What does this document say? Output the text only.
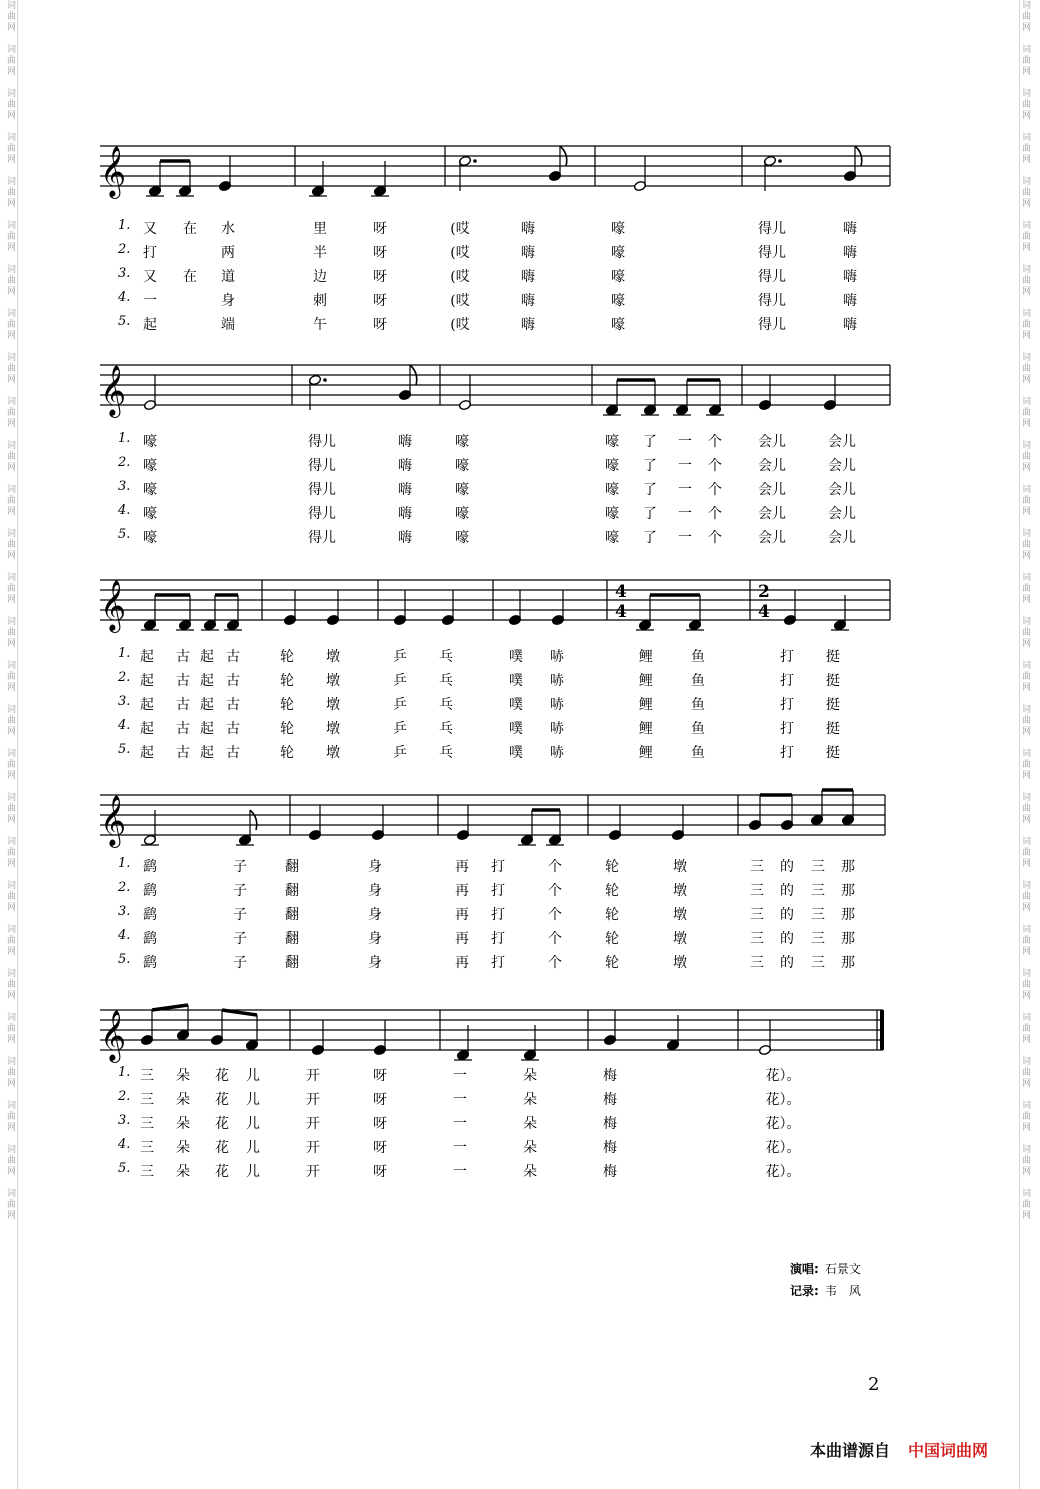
词曲网　词曲网　词曲网　词曲网　词曲网　词曲网　词曲网　词曲网　词曲网　词曲网　词曲网　词曲网　词曲网　词曲网　词曲网　词曲网　词曲网　词曲网　词曲网　词曲网　词曲网　词曲网　词曲网　词曲网　词曲网　词曲网　词曲网　词曲网	词曲网　词曲网　词曲网　词曲网　词曲网　词曲网　词曲网　词曲网　词曲网　词曲网　词曲网　词曲网　词曲网　词曲网　词曲网　词曲网　词曲网　词曲网　词曲网　词曲网　词曲网　词曲网　词曲网　词曲网　词曲网　词曲网　词曲网　词曲网
𝄞
1. 又 在 水	里	呀	(哎	嗨	嚎	得儿	嗨
2. 打	两	半	呀	(哎	嗨	嚎	得儿	嗨
3. 又 在 道	边	呀	(哎	嗨	嚎	得儿	嗨
4. 一	身	刺	呀	(哎	嗨	嚎	得儿	嗨
5. 起	端	午	呀	(哎	嗨	嚎	得儿	嗨
𝄞
1. 嚎	得儿	嗨	嚎	嚎 了 一 个	会儿	会儿
2. 嚎	得儿	嗨	嚎	嚎 了 一 个	会儿	会儿
3. 嚎	得儿	嗨	嚎	嚎 了 一 个	会儿	会儿
4. 嚎	得儿	嗨	嚎	嚎 了 一 个	会儿	会儿
5. 嚎	得儿	嗨	嚎	嚎 了 一 个	会儿	会儿
𝄞	4
4
2
4
1. 起 古 起 古	轮 墩	乒 乓	噗 哧	鲤	鱼	打 挺
2. 起 古 起 古	轮 墩	乒 乓	噗 哧	鲤	鱼	打 挺
3. 起 古 起 古	轮 墩	乒 乓	噗 哧	鲤	鱼	打 挺
4. 起 古 起 古	轮 墩	乒 乓	噗 哧	鲤	鱼	打 挺
5. 起 古 起 古	轮 墩	乒 乓	噗 哧	鲤	鱼	打 挺
𝄞
1. 鹞	子	翻	身	再 打	个	轮	墩	三 的 三 那
2. 鹞	子	翻	身	再 打	个	轮	墩	三 的 三 那
3. 鹞	子	翻	身	再 打	个	轮	墩	三 的 三 那
4. 鹞	子	翻	身	再 打	个	轮	墩	三 的 三 那
5. 鹞	子	翻	身	再 打	个	轮	墩	三 的 三 那
𝄞
1. 三 朵 花 儿	开	呀	一	朵	梅	花）。
2. 三 朵 花 儿	开	呀	一	朵	梅	花）。
3. 三 朵 花 儿	开	呀	一	朵	梅	花）。
4. 三 朵 花 儿	开	呀	一	朵	梅	花）。
5. 三 朵 花 儿	开	呀	一	朵	梅	花）。
演唱: 石景文
记录: 韦　风
2
本曲谱源自 中国词曲网
